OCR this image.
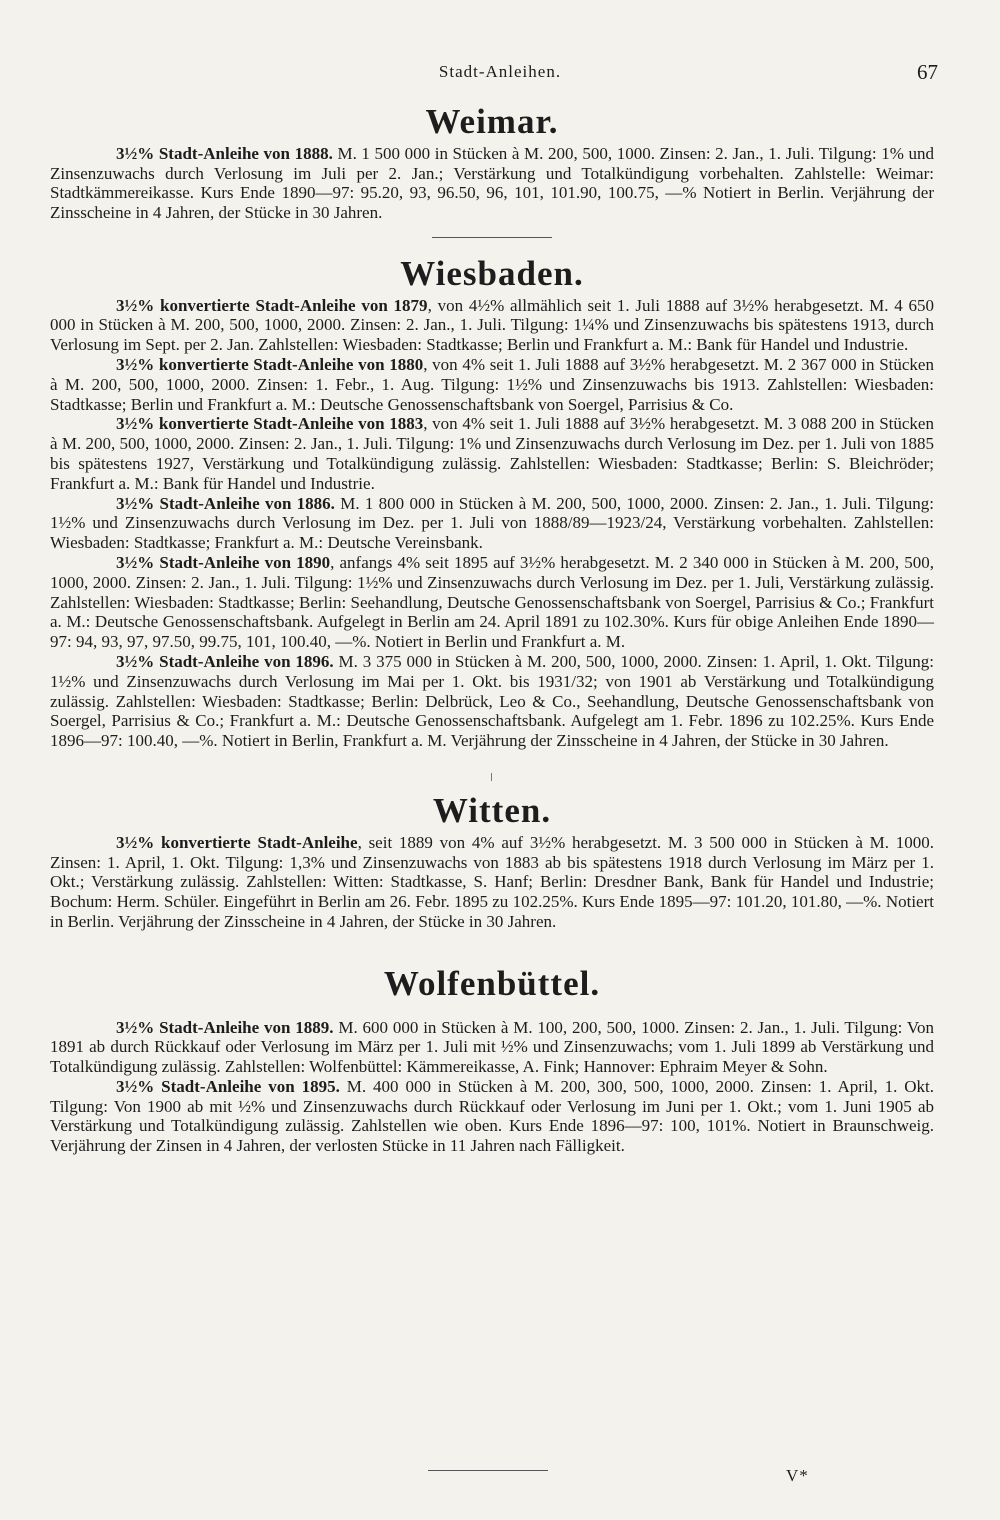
Stadt-Anleihen.	67
Weimar.

3½% Stadt-Anleihe von 1888. M. 1 500 000 in Stücken à M. 200, 500, 1000. Zinsen: 2. Jan., 1. Juli. Tilgung: 1% und Zinsenzuwachs durch Verlosung im Juli per 2. Jan.; Verstärkung und Totalkündigung vorbehalten. Zahlstelle: Weimar: Stadtkämmereikasse. Kurs Ende 1890—97: 95.20, 93, 96.50, 96, 101, 101.90, 100.75, —% Notiert in Berlin. Verjährung der Zinsscheine in 4 Jahren, der Stücke in 30 Jahren.

Wiesbaden.

3½% konvertierte Stadt-Anleihe von 1879, von 4½% allmählich seit 1. Juli 1888 auf 3½% herabgesetzt. M. 4 650 000 in Stücken à M. 200, 500, 1000, 2000. Zinsen: 2. Jan., 1. Juli. Tilgung: 1¼% und Zinsenzuwachs bis spätestens 1913, durch Verlosung im Sept. per 2. Jan. Zahlstellen: Wiesbaden: Stadtkasse; Berlin und Frankfurt a. M.: Bank für Handel und Industrie.

3½% konvertierte Stadt-Anleihe von 1880, von 4% seit 1. Juli 1888 auf 3½% herabgesetzt. M. 2 367 000 in Stücken à M. 200, 500, 1000, 2000. Zinsen: 1. Febr., 1. Aug. Tilgung: 1½% und Zinsenzuwachs bis 1913. Zahlstellen: Wiesbaden: Stadtkasse; Berlin und Frankfurt a. M.: Deutsche Genossenschaftsbank von Soergel, Parrisius & Co.

3½% konvertierte Stadt-Anleihe von 1883, von 4% seit 1. Juli 1888 auf 3½% herabgesetzt. M. 3 088 200 in Stücken à M. 200, 500, 1000, 2000. Zinsen: 2. Jan., 1. Juli. Tilgung: 1% und Zinsenzuwachs durch Verlosung im Dez. per 1. Juli von 1885 bis spätestens 1927, Verstärkung und Totalkündigung zulässig. Zahlstellen: Wiesbaden: Stadtkasse; Berlin: S. Bleichröder; Frankfurt a. M.: Bank für Handel und Industrie.

3½% Stadt-Anleihe von 1886. M. 1 800 000 in Stücken à M. 200, 500, 1000, 2000. Zinsen: 2. Jan., 1. Juli. Tilgung: 1½% und Zinsenzuwachs durch Verlosung im Dez. per 1. Juli von 1888/89—1923/24, Verstärkung vorbehalten. Zahlstellen: Wiesbaden: Stadtkasse; Frankfurt a. M.: Deutsche Vereinsbank.

3½% Stadt-Anleihe von 1890, anfangs 4% seit 1895 auf 3½% herabgesetzt. M. 2 340 000 in Stücken à M. 200, 500, 1000, 2000. Zinsen: 2. Jan., 1. Juli. Tilgung: 1½% und Zinsenzuwachs durch Verlosung im Dez. per 1. Juli, Verstärkung zulässig. Zahlstellen: Wiesbaden: Stadtkasse; Berlin: Seehandlung, Deutsche Genossenschaftsbank von Soergel, Parrisius & Co.; Frankfurt a. M.: Deutsche Genossenschaftsbank. Aufgelegt in Berlin am 24. April 1891 zu 102.30%. Kurs für obige Anleihen Ende 1890—97: 94, 93, 97, 97.50, 99.75, 101, 100.40, —%. Notiert in Berlin und Frankfurt a. M.

3½% Stadt-Anleihe von 1896. M. 3 375 000 in Stücken à M. 200, 500, 1000, 2000. Zinsen: 1. April, 1. Okt. Tilgung: 1½% und Zinsenzuwachs durch Verlosung im Mai per 1. Okt. bis 1931/32; von 1901 ab Verstärkung und Totalkündigung zulässig. Zahlstellen: Wiesbaden: Stadtkasse; Berlin: Delbrück, Leo & Co., Seehandlung, Deutsche Genossenschaftsbank von Soergel, Parrisius & Co.; Frankfurt a. M.: Deutsche Genossenschaftsbank. Aufgelegt am 1. Febr. 1896 zu 102.25%. Kurs Ende 1896—97: 100.40, —%. Notiert in Berlin, Frankfurt a. M. Verjährung der Zinsscheine in 4 Jahren, der Stücke in 30 Jahren.

Witten.

3½% konvertierte Stadt-Anleihe, seit 1889 von 4% auf 3½% herabgesetzt. M. 3 500 000 in Stücken à M. 1000. Zinsen: 1. April, 1. Okt. Tilgung: 1,3% und Zinsenzuwachs von 1883 ab bis spätestens 1918 durch Verlosung im März per 1. Okt.; Verstärkung zulässig. Zahlstellen: Witten: Stadtkasse, S. Hanf; Berlin: Dresdner Bank, Bank für Handel und Industrie; Bochum: Herm. Schüler. Eingeführt in Berlin am 26. Febr. 1895 zu 102.25%. Kurs Ende 1895—97: 101.20, 101.80, —%. Notiert in Berlin. Verjährung der Zinsscheine in 4 Jahren, der Stücke in 30 Jahren.

Wolfenbüttel.

3½% Stadt-Anleihe von 1889. M. 600 000 in Stücken à M. 100, 200, 500, 1000. Zinsen: 2. Jan., 1. Juli. Tilgung: Von 1891 ab durch Rückkauf oder Verlosung im März per 1. Juli mit ½% und Zinsenzuwachs; vom 1. Juli 1899 ab Verstärkung und Totalkündigung zulässig. Zahlstellen: Wolfenbüttel: Kämmereikasse, A. Fink; Hannover: Ephraim Meyer & Sohn.

3½% Stadt-Anleihe von 1895. M. 400 000 in Stücken à M. 200, 300, 500, 1000, 2000. Zinsen: 1. April, 1. Okt. Tilgung: Von 1900 ab mit ½% und Zinsenzuwachs durch Rückkauf oder Verlosung im Juni per 1. Okt.; vom 1. Juni 1905 ab Verstärkung und Totalkündigung zulässig. Zahlstellen wie oben. Kurs Ende 1896—97: 100, 101%. Notiert in Braunschweig. Verjährung der Zinsen in 4 Jahren, der verlosten Stücke in 11 Jahren nach Fälligkeit.

V*
